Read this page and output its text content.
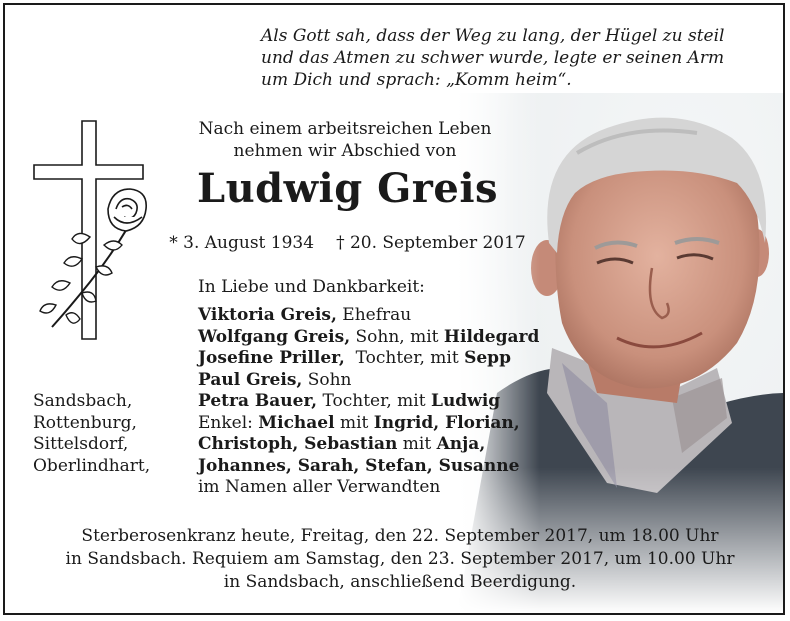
Als Gott sah, dass der Weg zu lang, der Hügel zu steil
und das Atmen zu schwer wurde, legte er seinen Arm
um Dich und sprach: „Komm heim“.
Nach einem arbeitsreichen Leben
nehmen wir Abschied von
Ludwig Greis
* 3. August 1934 † 20. September 2017
In Liebe und Dankbarkeit:
Viktoria Greis, Ehefrau
Wolfgang Greis, Sohn, mit Hildegard
Josefine Priller,  Tochter, mit Sepp
Paul Greis, Sohn
Petra Bauer, Tochter, mit Ludwig
Enkel: Michael mit Ingrid, Florian,
Christoph, Sebastian mit Anja,
Johannes, Sarah, Stefan, Susanne
im Namen aller Verwandten
Sandsbach,
Rottenburg,
Sittelsdorf,
Oberlindhart,
Sterberosenkranz heute, Freitag, den 22. September 2017, um 18.00 Uhr
in Sandsbach. Requiem am Samstag, den 23. September 2017, um 10.00 Uhr
in Sandsbach, anschließend Beerdigung.
